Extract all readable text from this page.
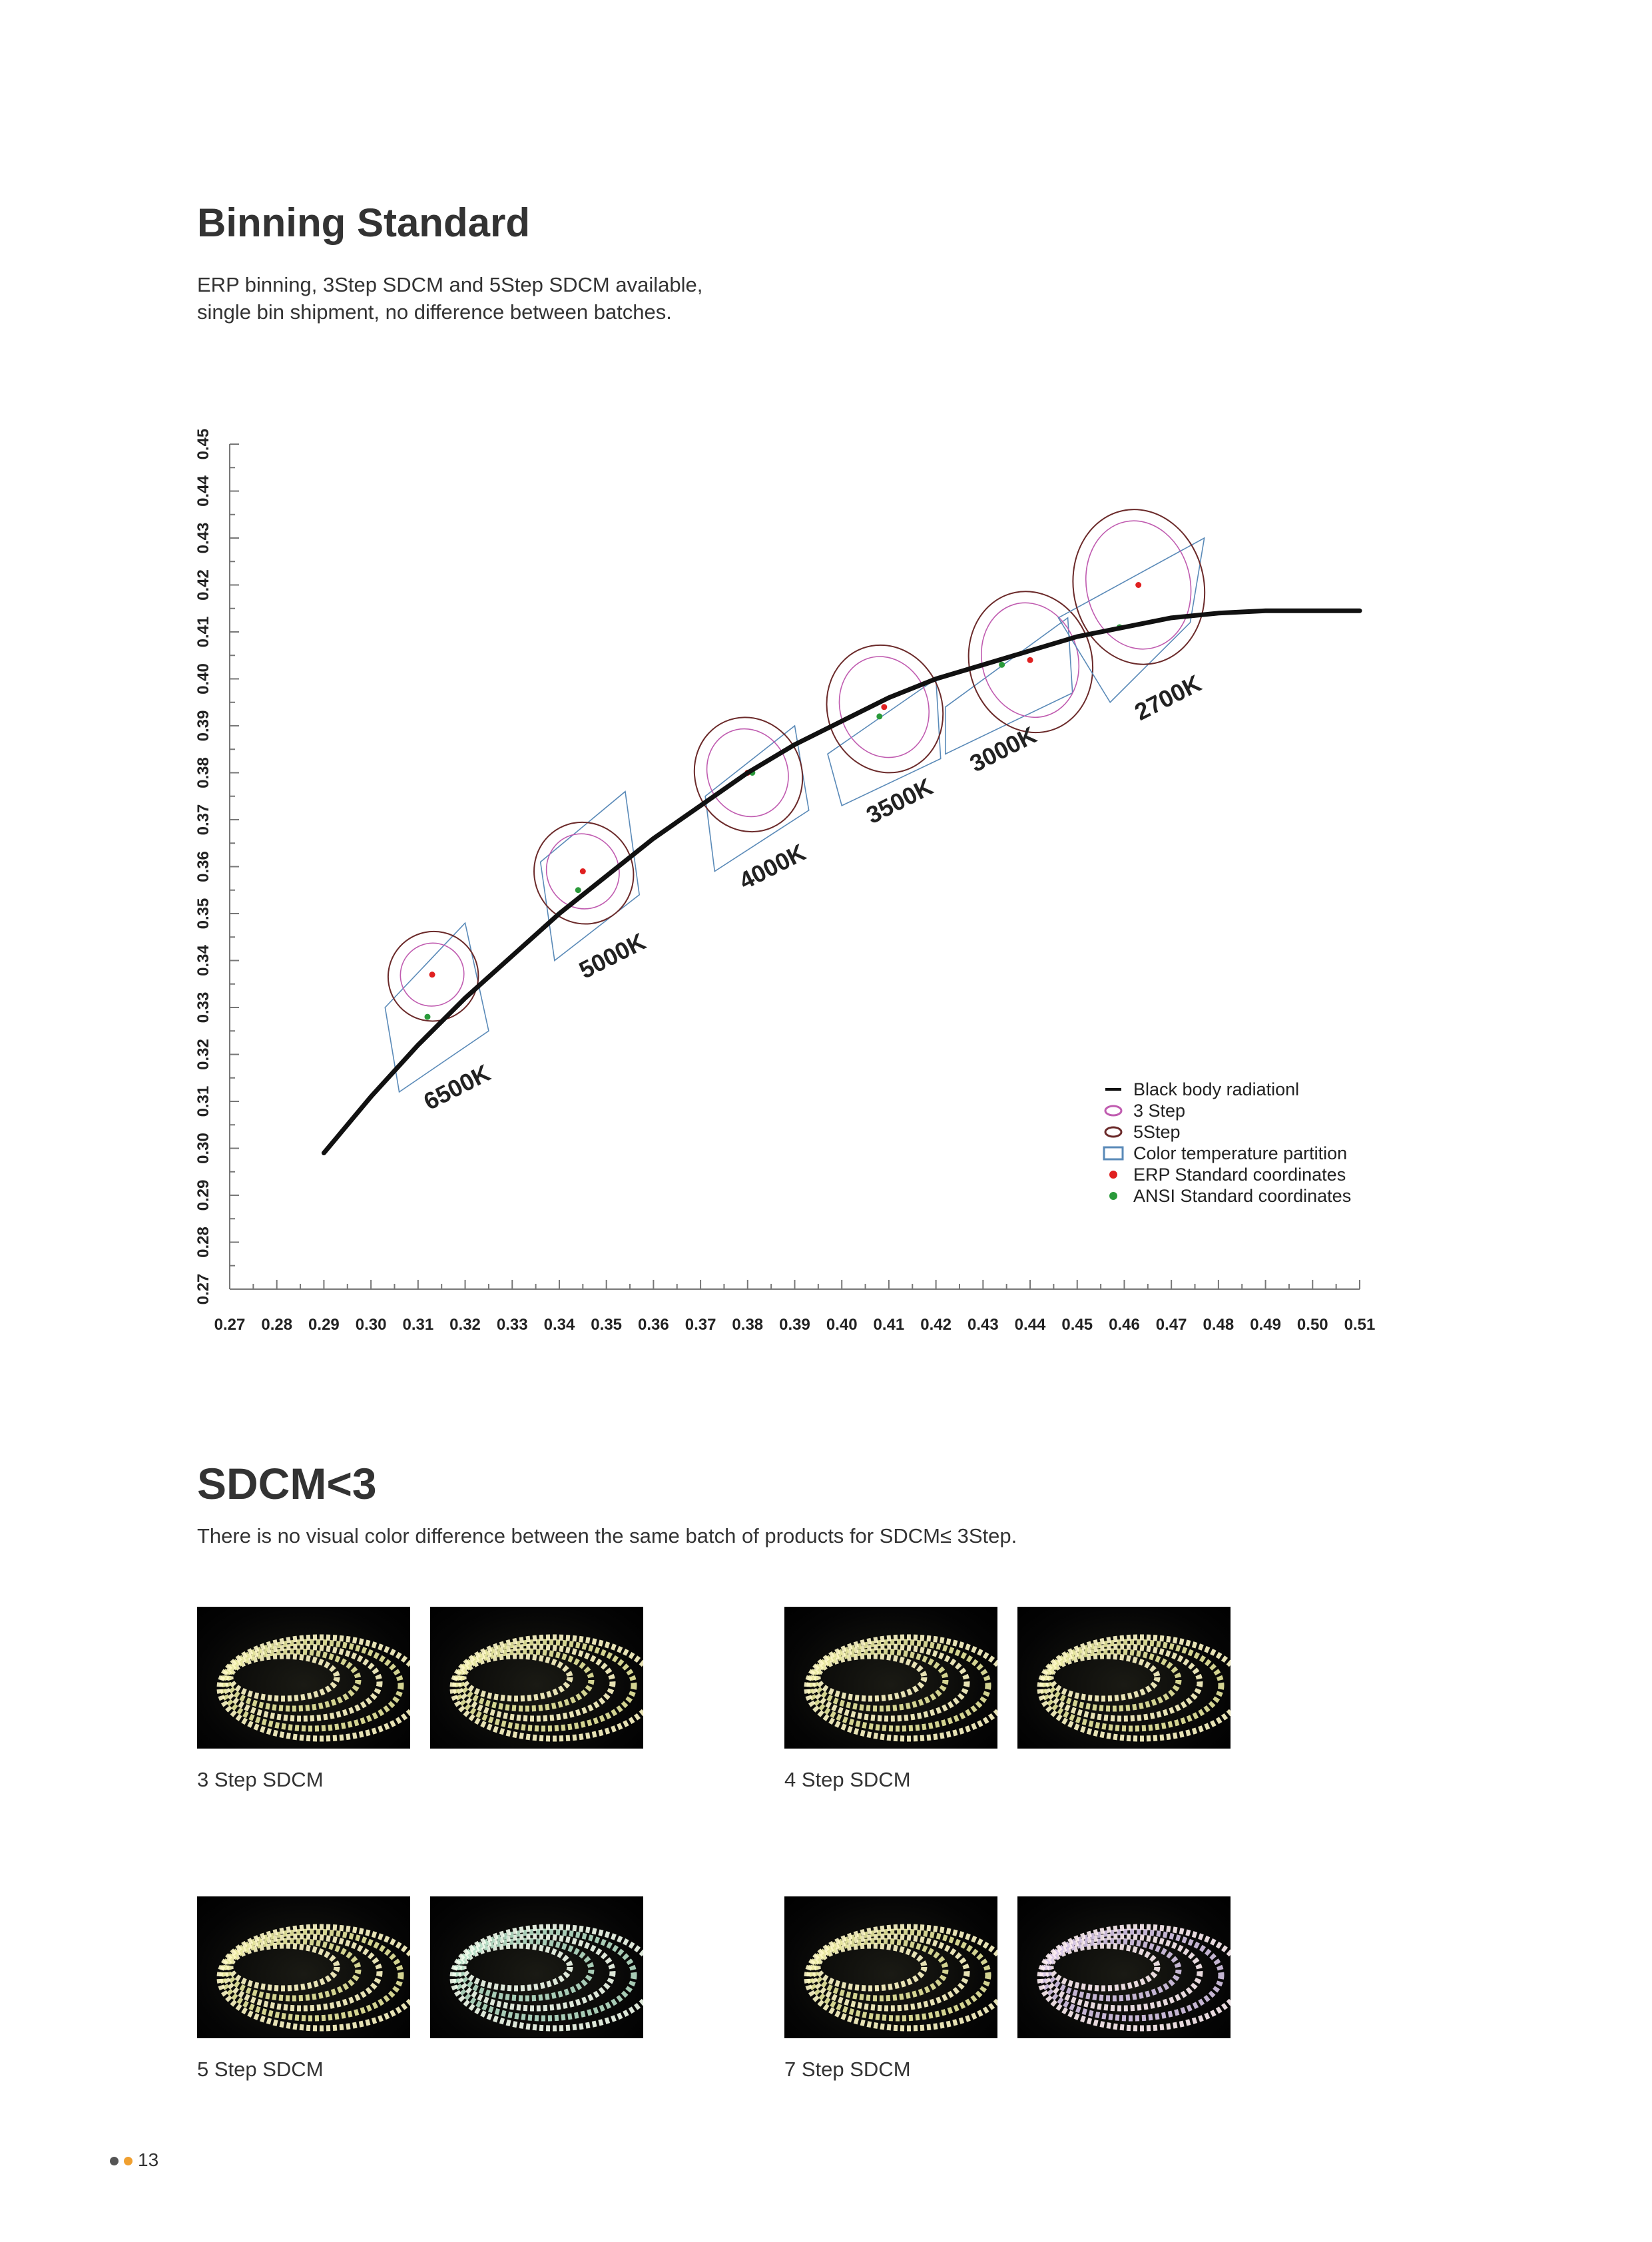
Binning Standard
ERP binning, 3Step SDCM and 5Step SDCM available,
single bin shipment, no difference between batches.
0.27 0.28 0.29 0.30 0.31 0.32 0.33 0.34 0.35 0.36 0.37 0.38 0.39 0.40 0.41 0.42 0.43 0.44 0.45 0.46 0.47 0.48 0.49 0.50 0.51
0.27
0.28
0.29
0.30
0.31
0.32
0.33
0.34
0.35
0.36
0.37
0.38
0.39
0.40
0.41
0.42
0.43
0.44
0.45
6500K
5000K
4000K
3500K
3000K
2700K
Black body radiationl
3 Step
5Step
Color temperature partition
ERP Standard coordinates
ANSI Standard coordinates
SDCM<3
There is no visual color difference between the same batch of products for SDCM≤ 3Step.
3 Step SDCM	4 Step SDCM
5 Step SDCM	7 Step SDCM
13
